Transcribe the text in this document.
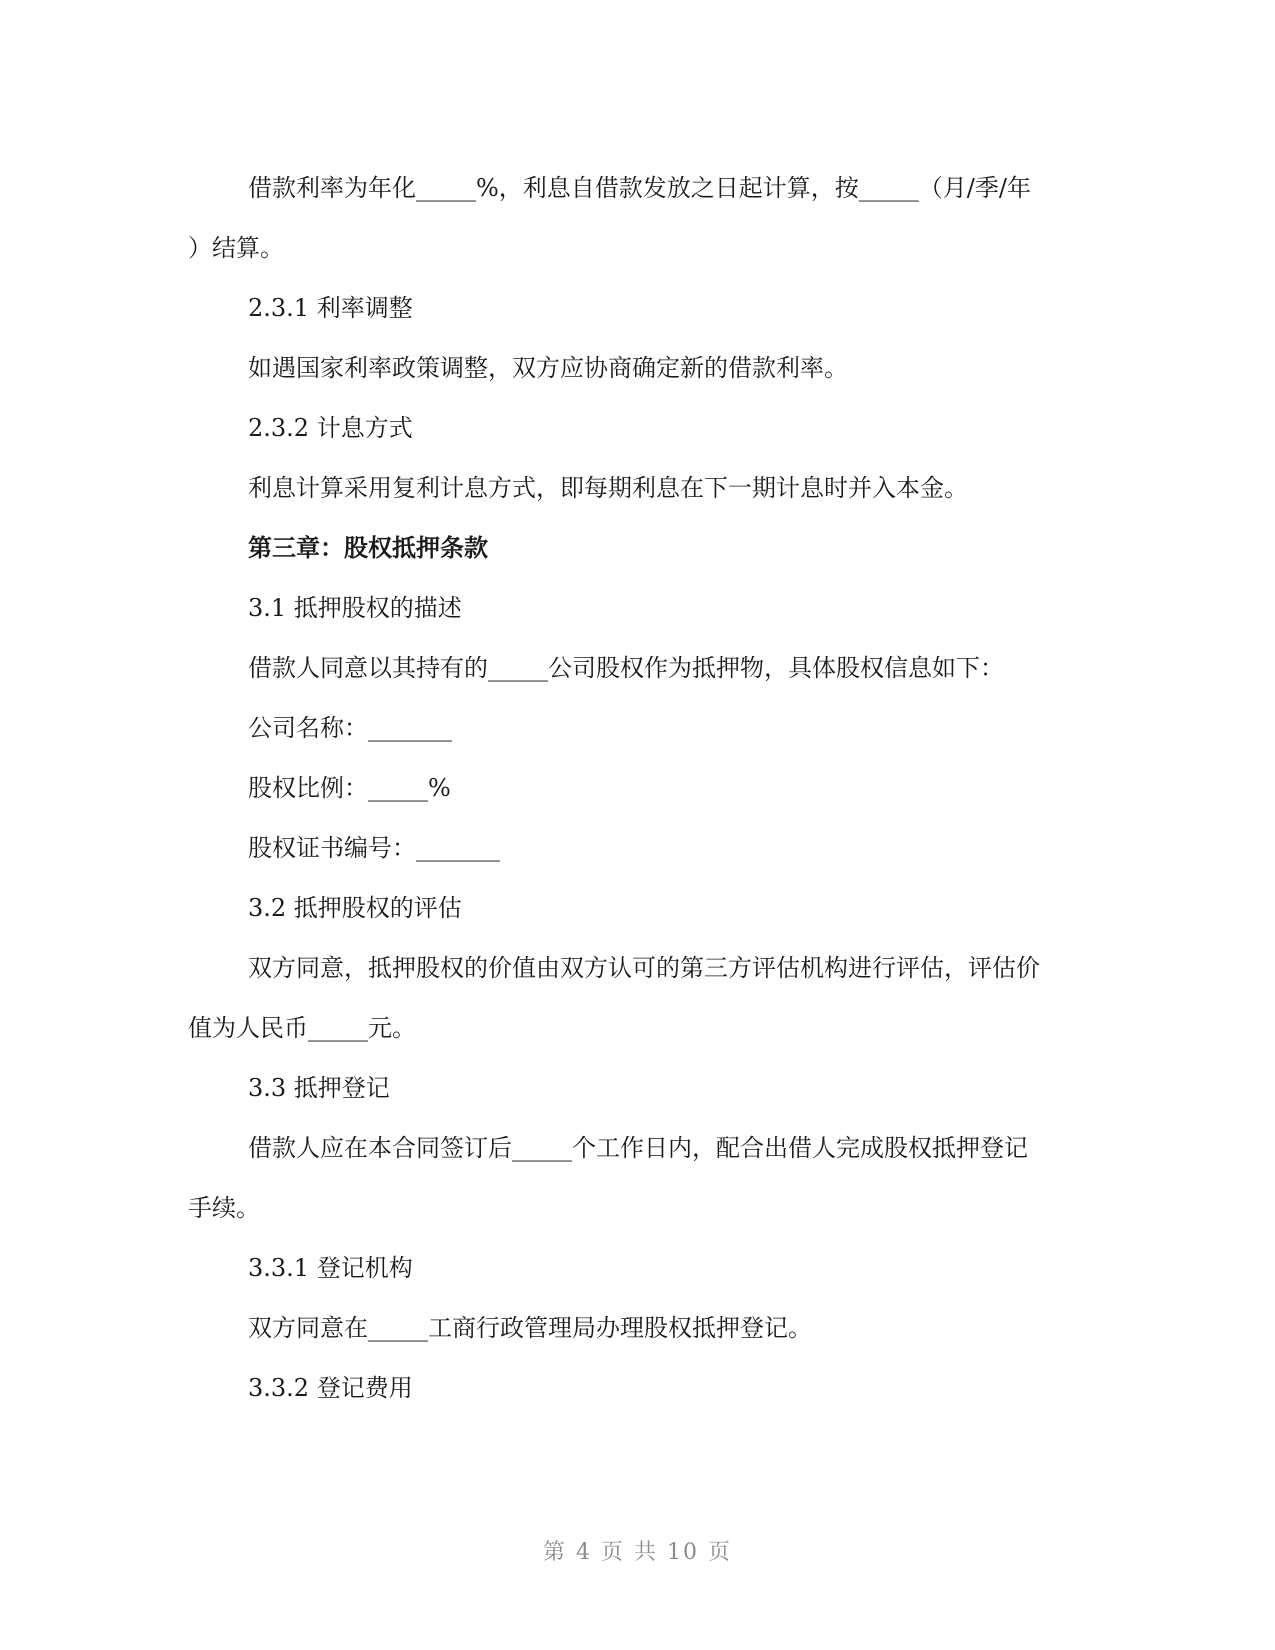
借款利率为年化_____%，利息自借款发放之日起计算，按_____（月/季/年
）结算。
2.3.1 利率调整
如遇国家利率政策调整，双方应协商确定新的借款利率。
2.3.2 计息方式
利息计算采用复利计息方式，即每期利息在下一期计息时并入本金。
第三章：股权抵押条款
3.1 抵押股权的描述
借款人同意以其持有的_____公司股权作为抵押物，具体股权信息如下：
公司名称：_______
股权比例：_____%
股权证书编号：_______
3.2 抵押股权的评估
双方同意，抵押股权的价值由双方认可的第三方评估机构进行评估，评估价
值为人民币_____元。
3.3 抵押登记
借款人应在本合同签订后_____个工作日内，配合出借人完成股权抵押登记
手续。
3.3.1 登记机构
双方同意在_____工商行政管理局办理股权抵押登记。
3.3.2 登记费用
第 4 页 共 10 页
